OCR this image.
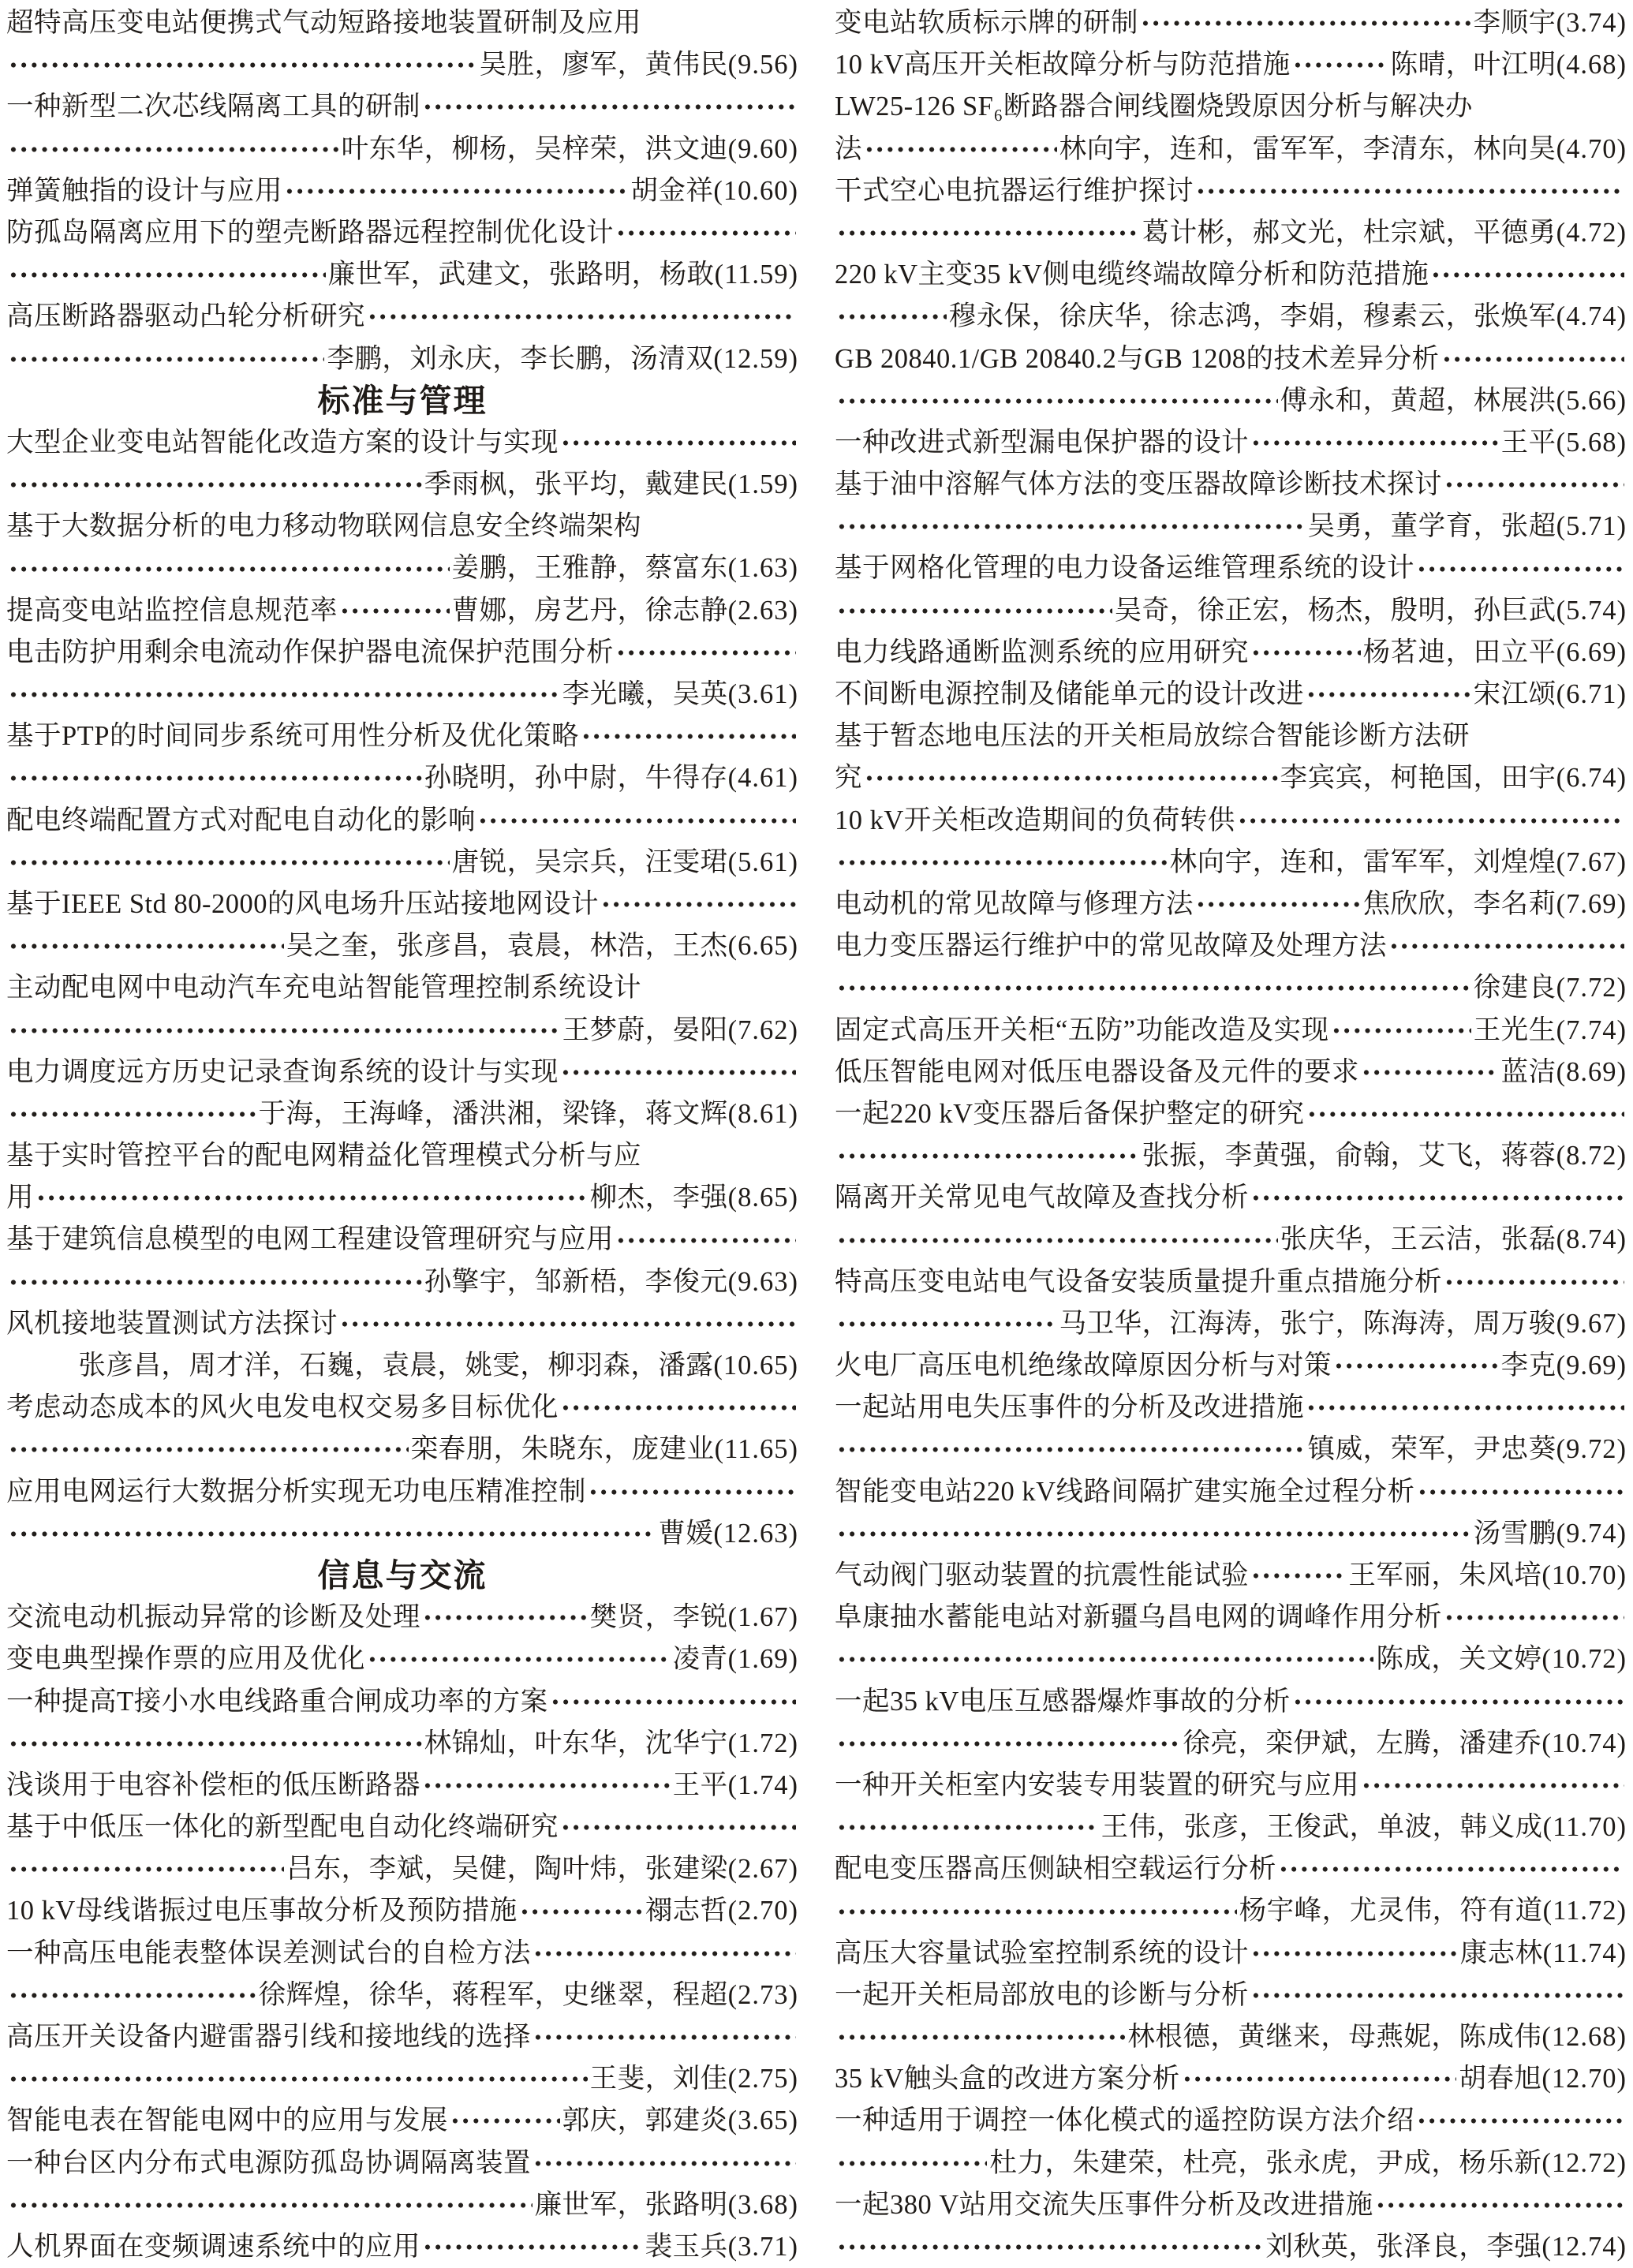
超特高压变电站便携式气动短路接地装置研制及应用
吴胜，廖军，黄伟民 (9.56)
一种新型二次芯线隔离工具的研制
叶东华，柳杨，吴梓荣，洪文迪 (9.60)
弹簧触指的设计与应用	胡金祥 (10.60)
防孤岛隔离应用下的塑壳断路器远程控制优化设计
廉世军，武建文，张路明，杨敢 (11.59)
高压断路器驱动凸轮分析研究
李鹏，刘永庆，李长鹏，汤清双 (12.59)
标准与管理
大型企业变电站智能化改造方案的设计与实现
季雨枫，张平均，戴建民 (1.59)
基于大数据分析的电力移动物联网信息安全终端架构
姜鹏，王雅静，蔡富东 (1.63)
提高变电站监控信息规范率	曹娜，房艺丹，徐志静 (2.63)
电击防护用剩余电流动作保护器电流保护范围分析
李光曦，吴英 (3.61)
基于PTP的时间同步系统可用性分析及优化策略
孙晓明，孙中尉，牛得存 (4.61)
配电终端配置方式对配电自动化的影响
唐锐，吴宗兵，汪雯珺 (5.61)
基于IEEE Std 80-2000的风电场升压站接地网设计
吴之奎，张彦昌，袁晨，林浩，王杰 (6.65)
主动配电网中电动汽车充电站智能管理控制系统设计
王梦蔚，晏阳 (7.62)
电力调度远方历史记录查询系统的设计与实现
于海，王海峰，潘洪湘，梁锋，蒋文辉 (8.61)
基于实时管控平台的配电网精益化管理模式分析与应
用	柳杰，李强 (8.65)
基于建筑信息模型的电网工程建设管理研究与应用
孙擎宇，邹新梧，李俊元 (9.63)
风机接地装置测试方法探讨
张彦昌，周才洋，石巍，袁晨，姚雯，柳羽森，潘露 (10.65)
考虑动态成本的风火电发电权交易多目标优化
栾春朋，朱晓东，庞建业 (11.65)
应用电网运行大数据分析实现无功电压精准控制
曹媛 (12.63)
信息与交流
交流电动机振动异常的诊断及处理	樊贤，李锐 (1.67)
变电典型操作票的应用及优化	凌青 (1.69)
一种提高T接小水电线路重合闸成功率的方案
林锦灿，叶东华，沈华宁 (1.72)
浅谈用于电容补偿柜的低压断路器	王平 (1.74)
基于中低压一体化的新型配电自动化终端研究
吕东，李斌，吴健，陶叶炜，张建梁 (2.67)
10 kV母线谐振过电压事故分析及预防措施	禤志哲 (2.70)
一种高压电能表整体误差测试台的自检方法
徐辉煌，徐华，蒋程军，史继翠，程超 (2.73)
高压开关设备内避雷器引线和接地线的选择
王斐，刘佳 (2.75)
智能电表在智能电网中的应用与发展	郭庆，郭建炎 (3.65)
一种台区内分布式电源防孤岛协调隔离装置
廉世军，张路明 (3.68)
人机界面在变频调速系统中的应用	裴玉兵 (3.71)
变电站软质标示牌的研制	李顺宇 (3.74)
10 kV高压开关柜故障分析与防范措施	陈晴，叶江明 (4.68)
LW25-126 SF₆断路器合闸线圈烧毁原因分析与解决办
法	林向宇，连和，雷军军，李清东，林向昊 (4.70)
干式空心电抗器运行维护探讨
葛计彬，郝文光，杜宗斌，平德勇 (4.72)
220 kV主变35 kV侧电缆终端故障分析和防范措施
穆永保，徐庆华，徐志鸿，李娟，穆素云，张焕军 (4.74)
GB 20840.1/GB 20840.2与GB 1208的技术差异分析
傅永和，黄超，林展洪 (5.66)
一种改进式新型漏电保护器的设计	王平 (5.68)
基于油中溶解气体方法的变压器故障诊断技术探讨
吴勇，董学育，张超 (5.71)
基于网格化管理的电力设备运维管理系统的设计
吴奇，徐正宏，杨杰，殷明，孙巨武 (5.74)
电力线路通断监测系统的应用研究	杨茗迪，田立平 (6.69)
不间断电源控制及储能单元的设计改进	宋江颂 (6.71)
基于暂态地电压法的开关柜局放综合智能诊断方法研
究	李宾宾，柯艳国，田宇 (6.74)
10 kV开关柜改造期间的负荷转供
林向宇，连和，雷军军，刘煌煌 (7.67)
电动机的常见故障与修理方法	焦欣欣，李名莉 (7.69)
电力变压器运行维护中的常见故障及处理方法
徐建良 (7.72)
固定式高压开关柜“五防”功能改造及实现	王光生 (7.74)
低压智能电网对低压电器设备及元件的要求	蓝洁 (8.69)
一起220 kV变压器后备保护整定的研究
张振，李黄强，俞翰，艾飞，蒋蓉 (8.72)
隔离开关常见电气故障及查找分析
张庆华，王云洁，张磊 (8.74)
特高压变电站电气设备安装质量提升重点措施分析
马卫华，江海涛，张宁，陈海涛，周万骏 (9.67)
火电厂高压电机绝缘故障原因分析与对策	李克 (9.69)
一起站用电失压事件的分析及改进措施
镇威，荣军，尹忠葵 (9.72)
智能变电站220 kV线路间隔扩建实施全过程分析
汤雪鹏 (9.74)
气动阀门驱动装置的抗震性能试验	王军丽，朱风培 (10.70)
阜康抽水蓄能电站对新疆乌昌电网的调峰作用分析
陈成，关文婷 (10.72)
一起35 kV电压互感器爆炸事故的分析
徐亮，栾伊斌，左腾，潘建乔 (10.74)
一种开关柜室内安装专用装置的研究与应用
王伟，张彦，王俊武，单波，韩义成 (11.70)
配电变压器高压侧缺相空载运行分析
杨宇峰，尤灵伟，符有道 (11.72)
高压大容量试验室控制系统的设计	康志林 (11.74)
一起开关柜局部放电的诊断与分析
林根德，黄继来，母燕妮，陈成伟 (12.68)
35 kV触头盒的改进方案分析	胡春旭 (12.70)
一种适用于调控一体化模式的遥控防误方法介绍
杜力，朱建荣，杜亮，张永虎，尹成，杨乐新 (12.72)
一起380 V站用交流失压事件分析及改进措施
刘秋英，张泽良，李强 (12.74)
